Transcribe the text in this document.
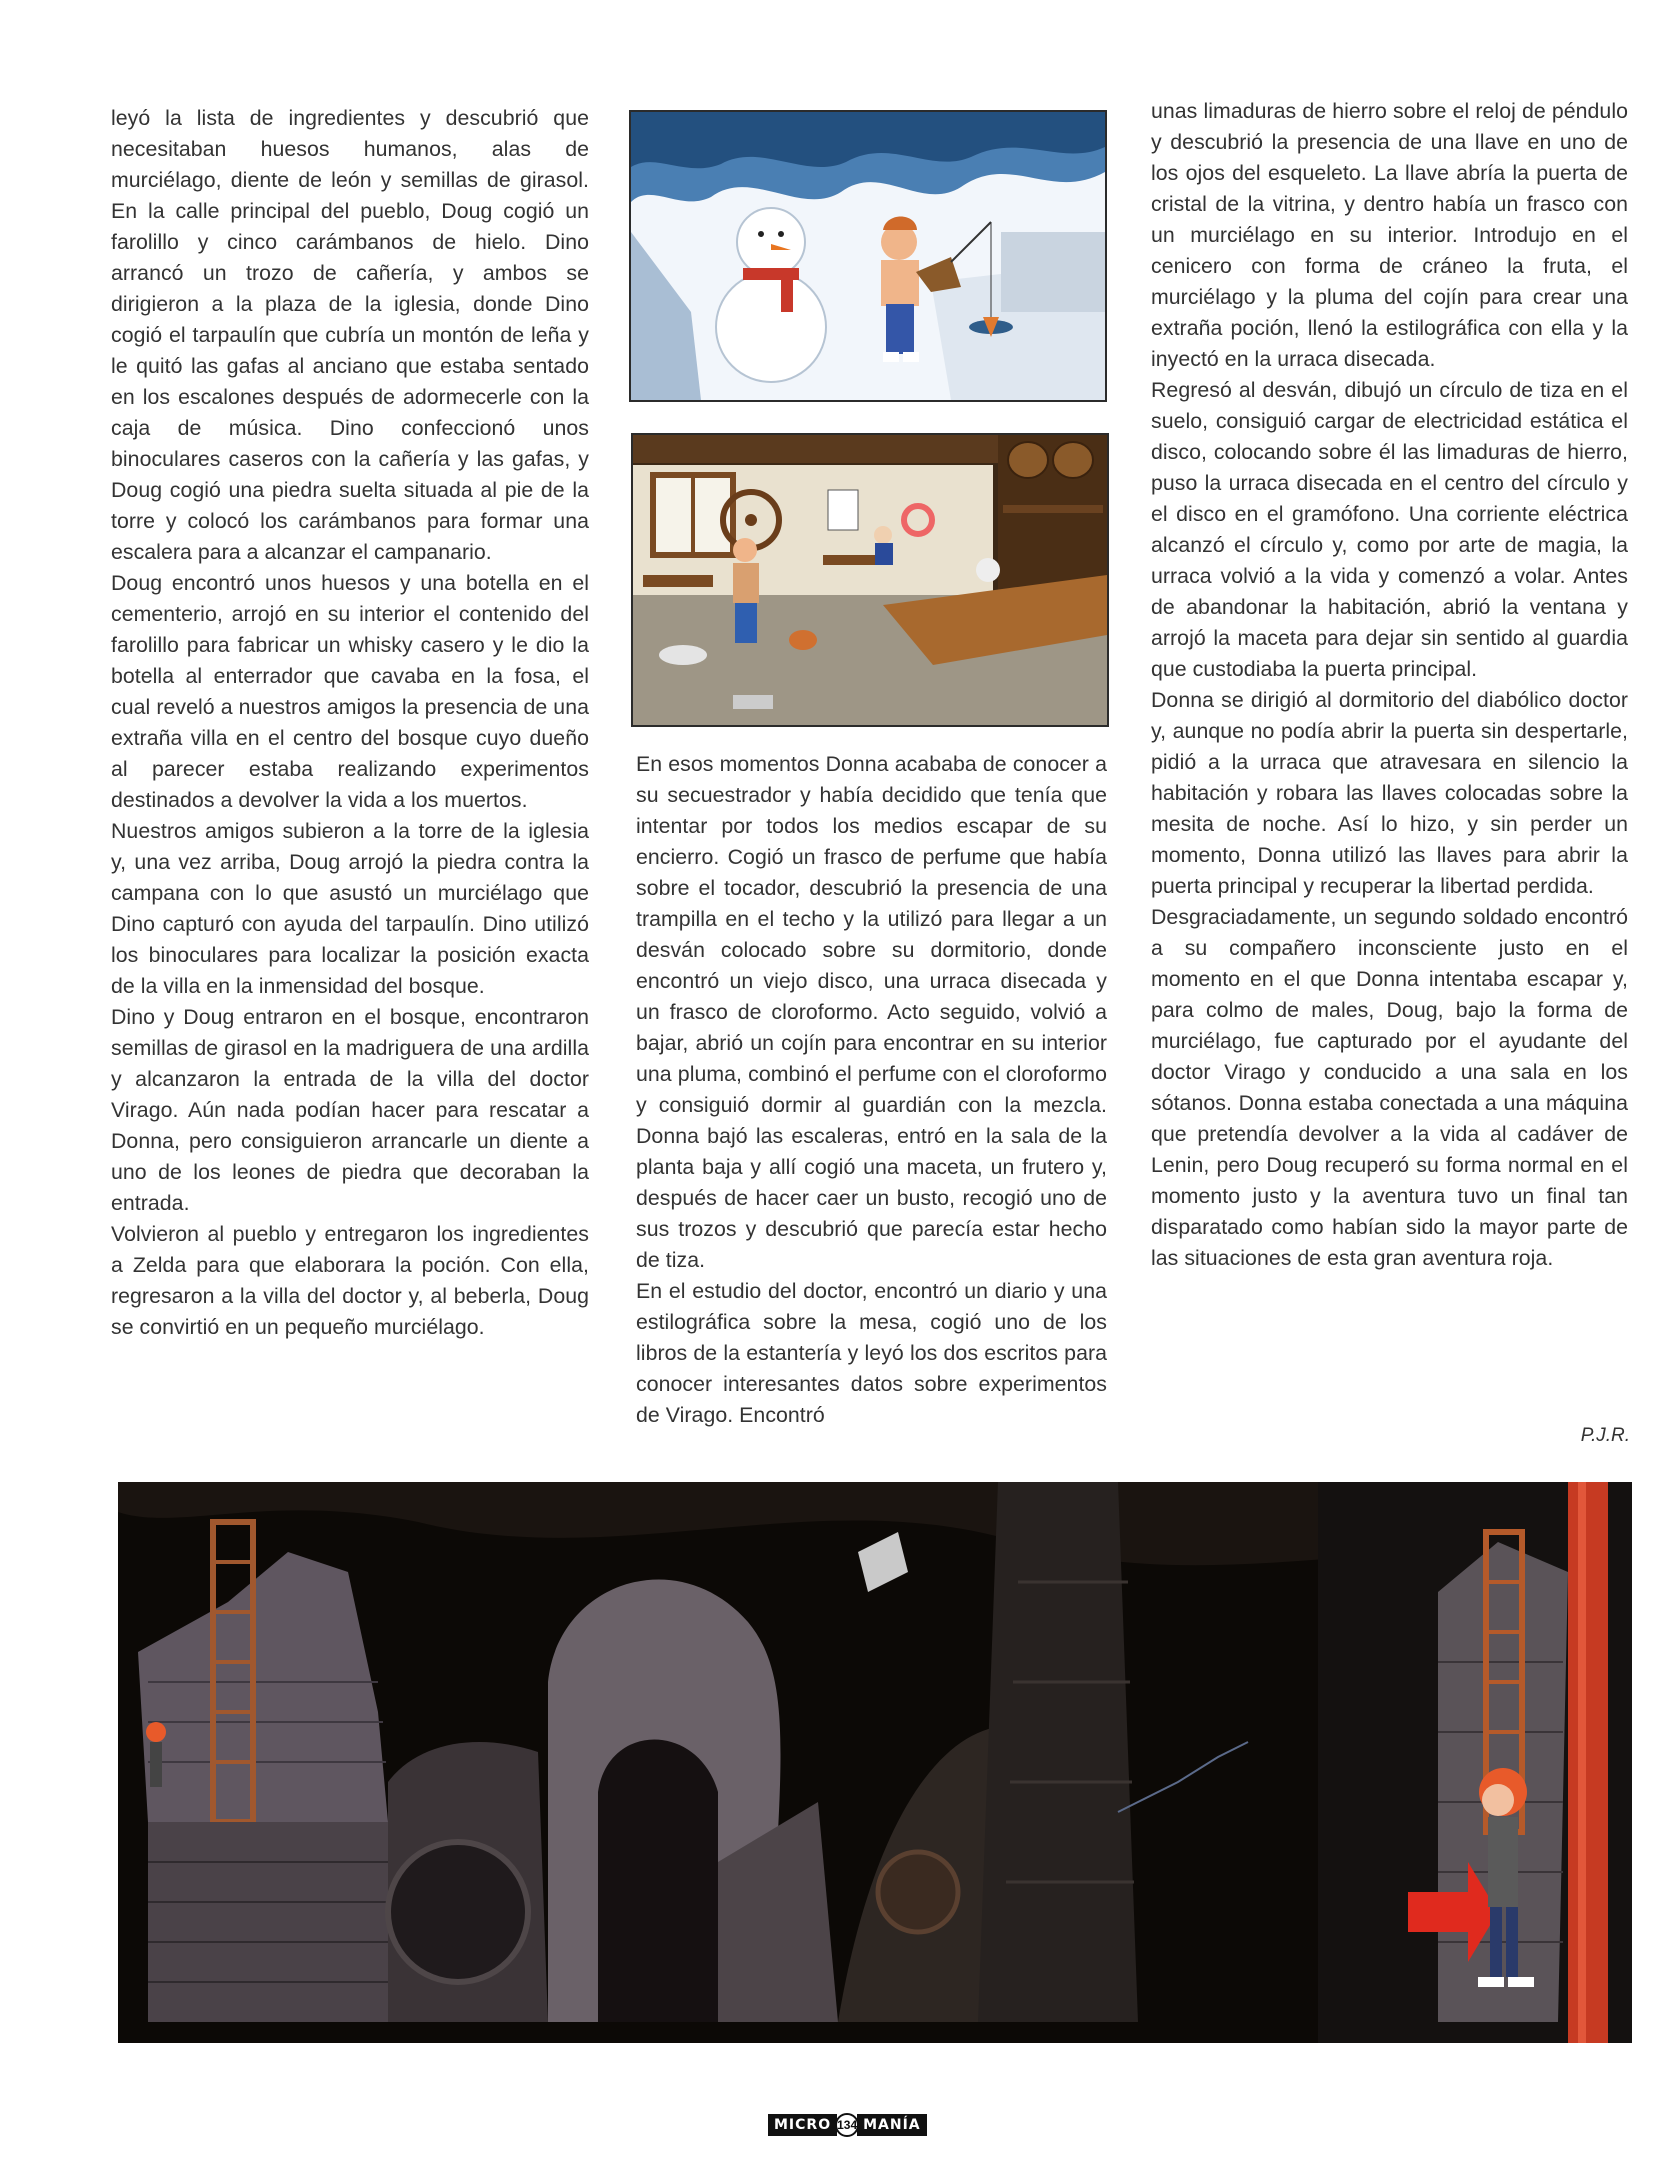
leyó la lista de ingredientes y descubrió que necesitaban huesos humanos, alas de murciélago, diente de león y semillas de girasol. En la calle principal del pueblo, Doug cogió un farolillo y cinco carámbanos de hielo. Dino arrancó un trozo de cañería, y ambos se dirigieron a la plaza de la iglesia, donde Dino cogió el tarpaulín que cubría un montón de leña y le quitó las gafas al anciano que estaba sentado en los escalones después de adormecerle con la caja de música. Dino confeccionó unos binoculares caseros con la cañería y las gafas, y Doug cogió una piedra suelta situada al pie de la torre y colocó los carámbanos para formar una escalera para a alcanzar el campanario.

Doug encontró unos huesos y una botella en el cementerio, arrojó en su interior el contenido del farolillo para fabricar un whisky casero y le dio la botella al enterrador que cavaba en la fosa, el cual reveló a nuestros amigos la presencia de una extraña villa en el centro del bosque cuyo dueño al parecer estaba realizando experimentos destinados a devolver la vida a los muertos.

Nuestros amigos subieron a la torre de la iglesia y, una vez arriba, Doug arrojó la piedra contra la campana con lo que asustó un murciélago que Dino capturó con ayuda del tarpaulín. Dino utilizó los binoculares para localizar la posición exacta de la villa en la inmensidad del bosque.

Dino y Doug entraron en el bosque, encontraron semillas de girasol en la madriguera de una ardilla y alcanzaron la entrada de la villa del doctor Virago. Aún nada podían hacer para rescatar a Donna, pero consiguieron arrancarle un diente a uno de los leones de piedra que decoraban la entrada.

Volvieron al pueblo y entregaron los ingredientes a Zelda para que elaborara la poción. Con ella, regresaron a la villa del doctor y, al beberla, Doug se convirtió en un pequeño murciélago.

En esos momentos Donna acababa de conocer a su secuestrador y había decidido que tenía que intentar por todos los medios escapar de su encierro. Cogió un frasco de perfume que había sobre el tocador, descubrió la presencia de una trampilla en el techo y la utilizó para llegar a un desván colocado sobre su dormitorio, donde encontró un viejo disco, una urraca disecada y un frasco de cloroformo. Acto seguido, volvió a bajar, abrió un cojín para encontrar en su interior una pluma, combinó el perfume con el cloroformo y consiguió dormir al guardián con la mezcla. Donna bajó las escaleras, entró en la sala de la planta baja y allí cogió una maceta, un frutero y, después de hacer caer un busto, recogió uno de sus trozos y descubrió que parecía estar hecho de tiza.

En el estudio del doctor, encontró un diario y una estilográfica sobre la mesa, cogió uno de los libros de la estantería y leyó los dos escritos para conocer interesantes datos sobre experimentos de Virago. Encontró

unas limaduras de hierro sobre el reloj de péndulo y descubrió la presencia de una llave en uno de los ojos del esqueleto. La llave abría la puerta de cristal de la vitrina, y dentro había un frasco con un murciélago en su interior. Introdujo en el cenicero con forma de cráneo la fruta, el murciélago y la pluma del cojín para crear una extraña poción, llenó la estilográfica con ella y la inyectó en la urraca disecada.

Regresó al desván, dibujó un círculo de tiza en el suelo, consiguió cargar de electricidad estática el disco, colocando sobre él las limaduras de hierro, puso la urraca disecada en el centro del círculo y el disco en el gramófono. Una corriente eléctrica alcanzó el círculo y, como por arte de magia, la urraca volvió a la vida y comenzó a volar. Antes de abandonar la habitación, abrió la ventana y arrojó la maceta para dejar sin sentido al guardia que custodiaba la puerta principal.

Donna se dirigió al dormitorio del diabólico doctor y, aunque no podía abrir la puerta sin despertarle, pidió a la urraca que atravesara en silencio la habitación y robara las llaves colocadas sobre la mesita de noche. Así lo hizo, y sin perder un momento, Donna utilizó las llaves para abrir la puerta principal y recuperar la libertad perdida.

Desgraciadamente, un segundo soldado encontró a su compañero inconsciente justo en el momento en el que Donna intentaba escapar y, para colmo de males, Doug, bajo la forma de murciélago, fue capturado por el ayudante del doctor Virago y conducido a una sala en los sótanos. Donna estaba conectada a una máquina que pretendía devolver a la vida al cadáver de Lenin, pero Doug recuperó su forma normal en el momento justo y la aventura tuvo un final tan disparatado como habían sido la mayor parte de las situaciones de esta gran aventura roja.

P.J.R.
MICRO 134 MANÍA
